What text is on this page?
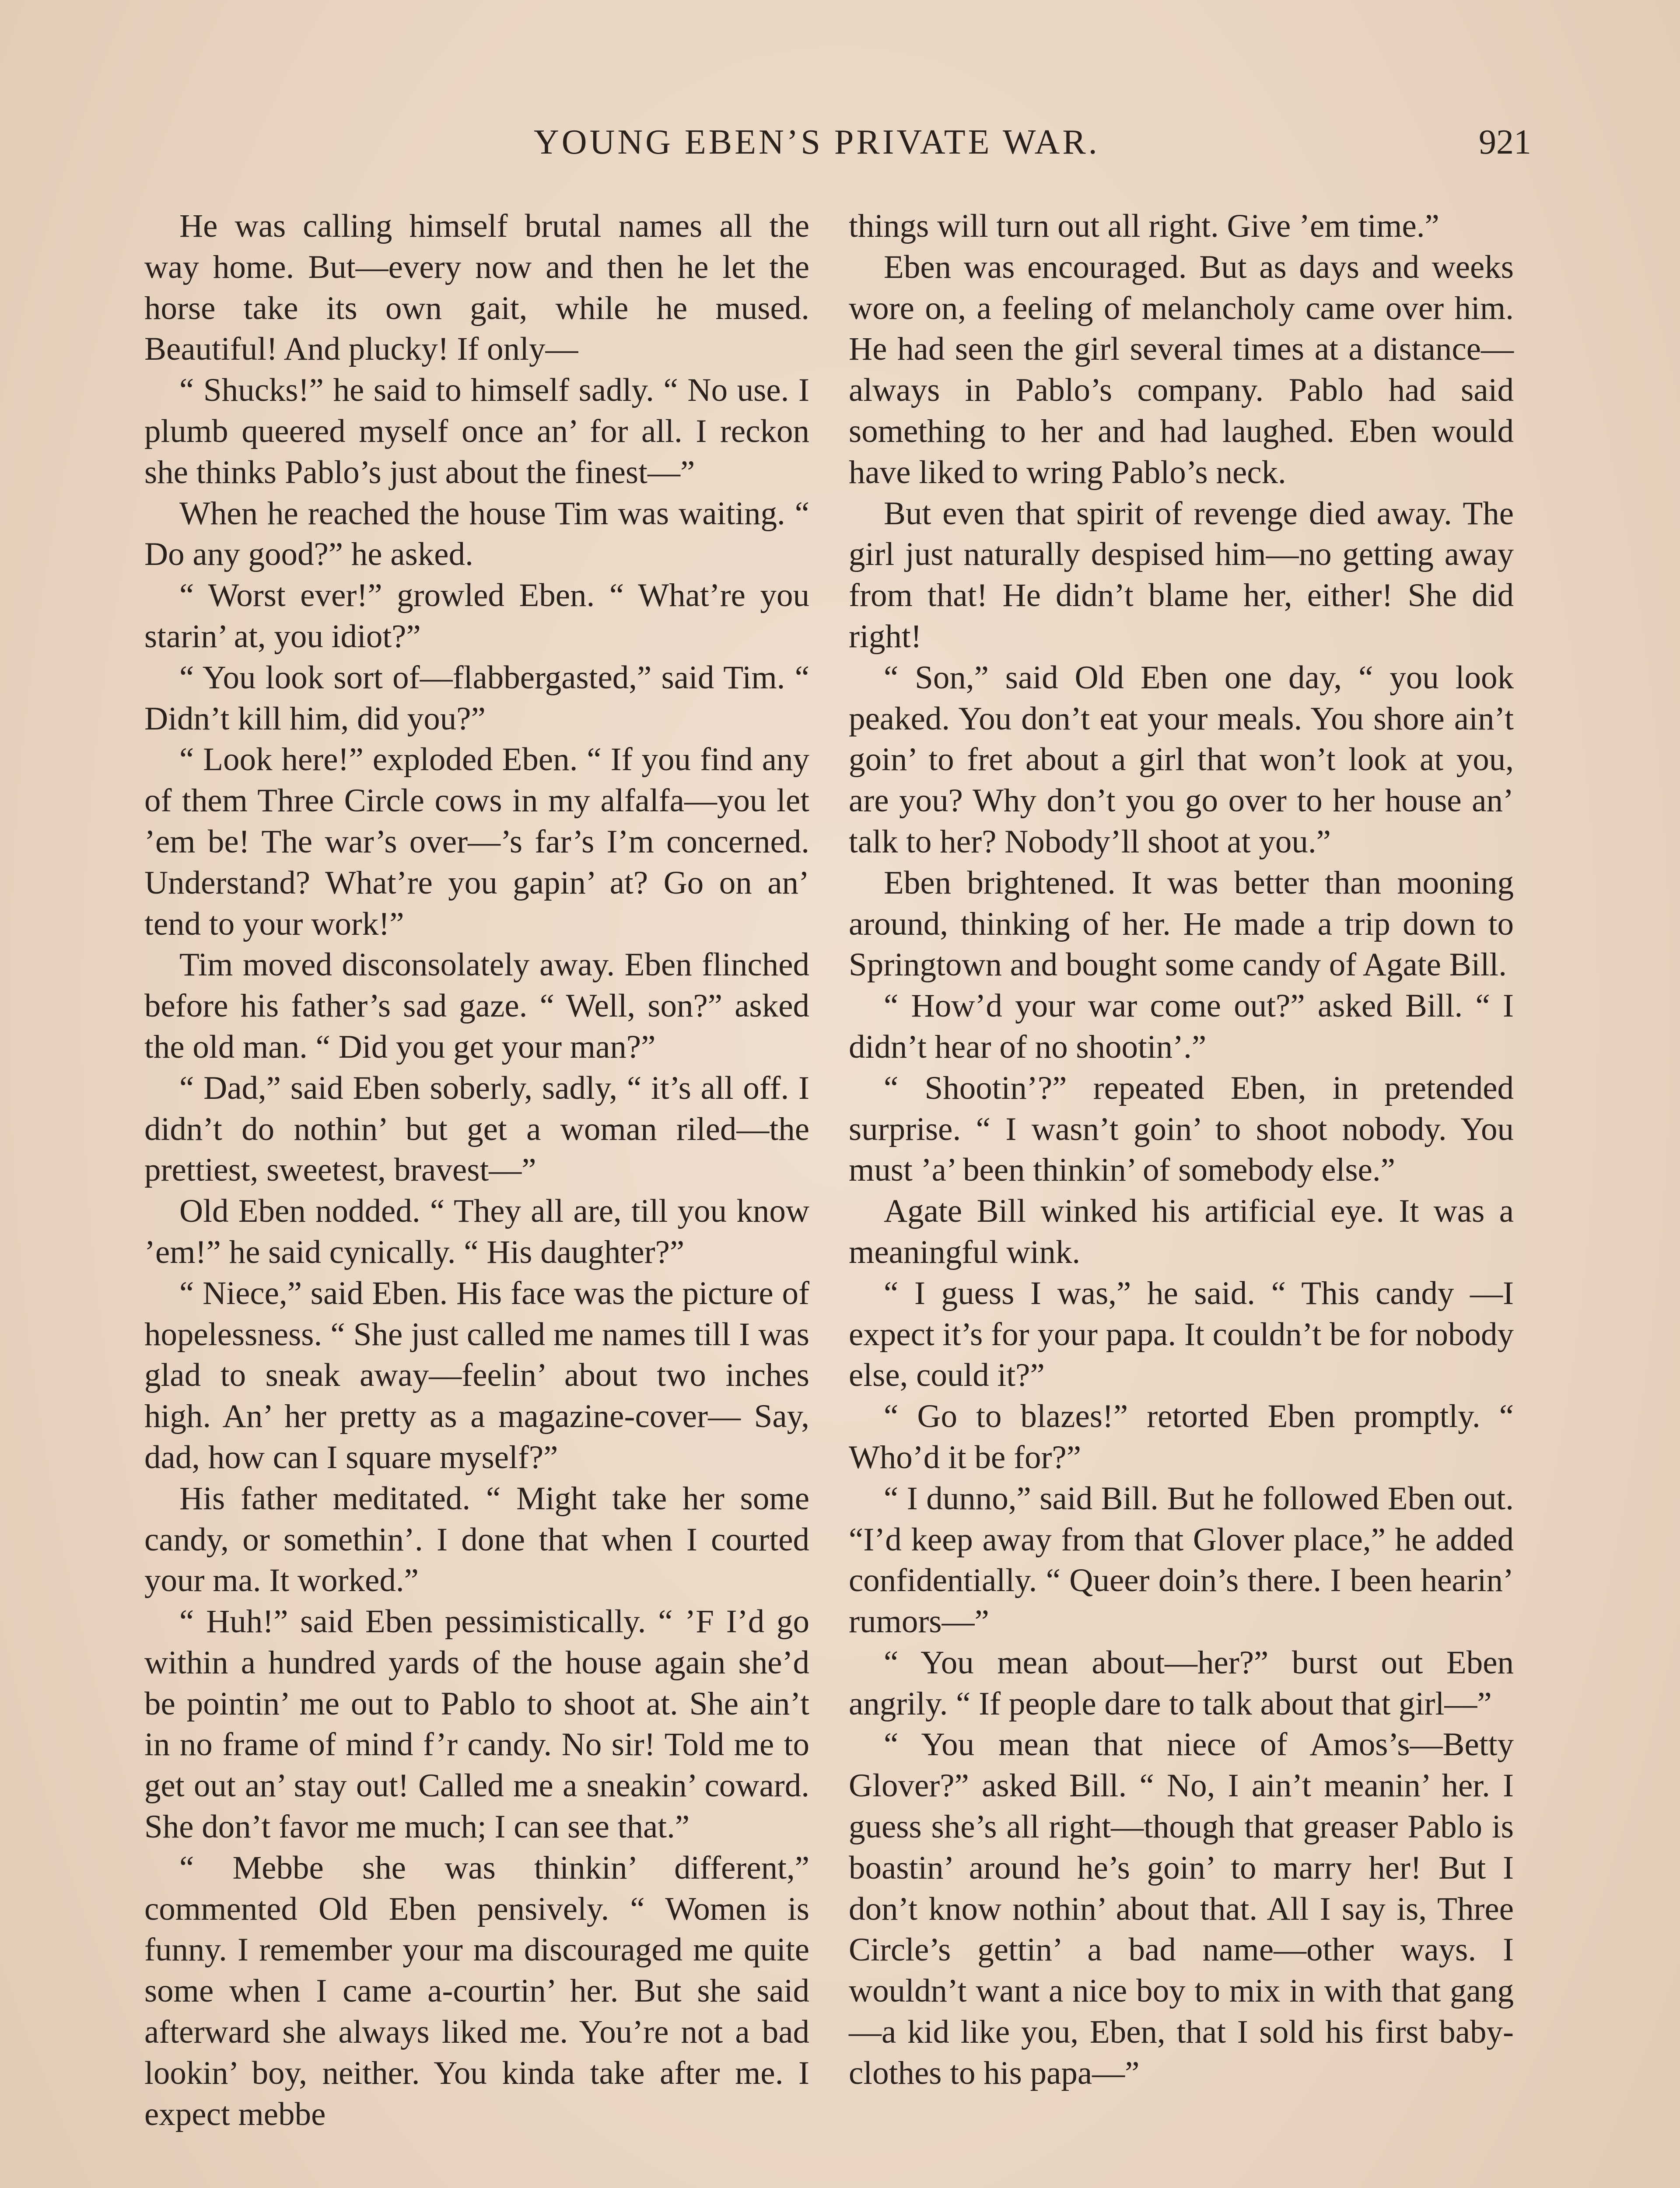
YOUNG EBEN’S PRIVATE WAR.	921

He was calling himself brutal names all the way home. But—every now and then he let the horse take its own gait, while he mused. Beautiful! And plucky! If only—

“ Shucks!” he said to himself sadly. “ No use. I plumb queered myself once an’ for all. I reckon she thinks Pablo’s just about the finest—”

When he reached the house Tim was waiting. “ Do any good?” he asked.

“ Worst ever!” growled Eben. “ What’re you starin’ at, you idiot?”

“ You look sort of—flabbergasted,” said Tim. “ Didn’t kill him, did you?”

“ Look here!” exploded Eben. “ If you find any of them Three Circle cows in my alfalfa—you let ’em be! The war’s over—’s far’s I’m concerned. Understand? What’re you gapin’ at? Go on an’ tend to your work!”

Tim moved disconsolately away. Eben flinched before his father’s sad gaze. “ Well, son?” asked the old man. “ Did you get your man?”

“ Dad,” said Eben soberly, sadly, “ it’s all off. I didn’t do nothin’ but get a woman riled—the prettiest, sweetest, bravest—”

Old Eben nodded. “ They all are, till you know ’em!” he said cynically. “ His daughter?”

“ Niece,” said Eben. His face was the picture of hopelessness. “ She just called me names till I was glad to sneak away—feelin’ about two inches high. An’ her pretty as a magazine-cover— Say, dad, how can I square myself?”

His father meditated. “ Might take her some candy, or somethin’. I done that when I courted your ma. It worked.”

“ Huh!” said Eben pessimistically. “ ’F I’d go within a hundred yards of the house again she’d be pointin’ me out to Pablo to shoot at. She ain’t in no frame of mind f’r candy. No sir! Told me to get out an’ stay out! Called me a sneakin’ coward. She don’t favor me much; I can see that.”

“ Mebbe she was thinkin’ different,” commented Old Eben pensively. “ Women is funny. I remember your ma discouraged me quite some when I came a-courtin’ her. But she said afterward she always liked me. You’re not a bad lookin’ boy, neither. You kinda take after me. I expect mebbe

things will turn out all right. Give ’em time.”

Eben was encouraged. But as days and weeks wore on, a feeling of melancholy came over him. He had seen the girl several times at a distance—always in Pablo’s company. Pablo had said something to her and had laughed. Eben would have liked to wring Pablo’s neck.

But even that spirit of revenge died away. The girl just naturally despised him—no getting away from that! He didn’t blame her, either! She did right!

“ Son,” said Old Eben one day, “ you look peaked. You don’t eat your meals. You shore ain’t goin’ to fret about a girl that won’t look at you, are you? Why don’t you go over to her house an’ talk to her? Nobody’ll shoot at you.”

Eben brightened. It was better than mooning around, thinking of her. He made a trip down to Springtown and bought some candy of Agate Bill.

“ How’d your war come out?” asked Bill. “ I didn’t hear of no shootin’.”

“ Shootin’?” repeated Eben, in pretended surprise. “ I wasn’t goin’ to shoot nobody. You must ’a’ been thinkin’ of somebody else.”

Agate Bill winked his artificial eye. It was a meaningful wink.

“ I guess I was,” he said. “ This candy —I expect it’s for your papa. It couldn’t be for nobody else, could it?”

“ Go to blazes!” retorted Eben promptly. “ Who’d it be for?”

“ I dunno,” said Bill. But he followed Eben out. “I’d keep away from that Glover place,” he added confidentially. “ Queer doin’s there. I been hearin’ rumors—”

“ You mean about—her?” burst out Eben angrily. “ If people dare to talk about that girl—”

“ You mean that niece of Amos’s—Betty Glover?” asked Bill. “ No, I ain’t meanin’ her. I guess she’s all right—though that greaser Pablo is boastin’ around he’s goin’ to marry her! But I don’t know nothin’ about that. All I say is, Three Circle’s gettin’ a bad name—other ways. I wouldn’t want a nice boy to mix in with that gang—a kid like you, Eben, that I sold his first baby-clothes to his papa—”
